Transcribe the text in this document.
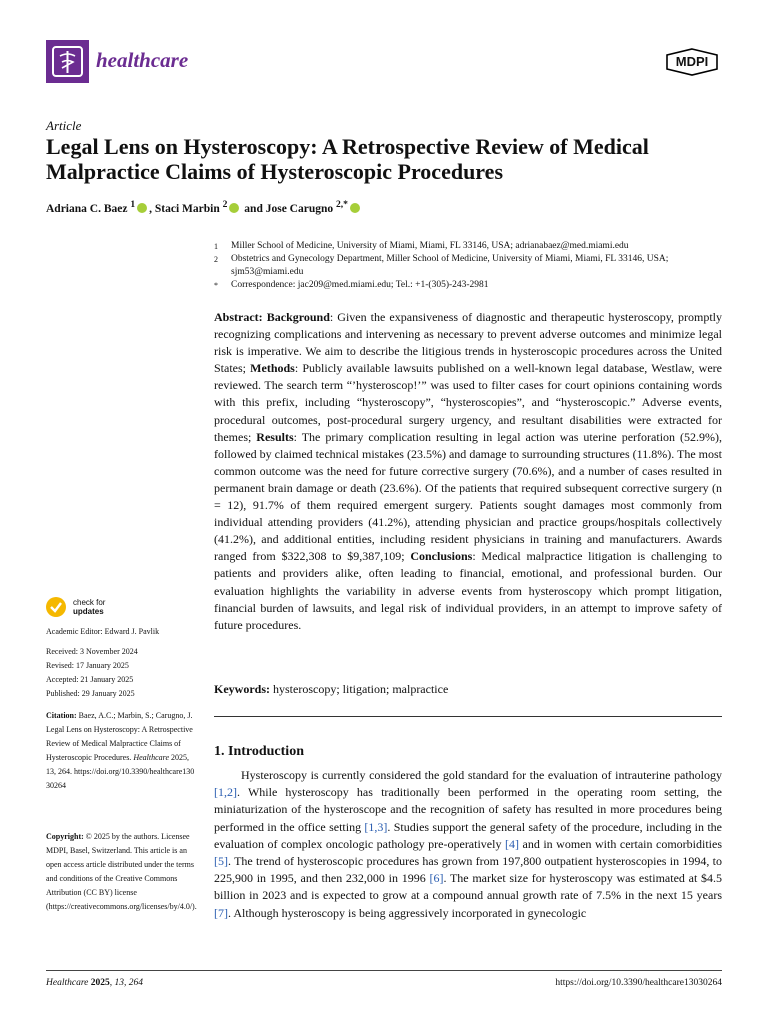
healthcare	MDPI
Article
Legal Lens on Hysteroscopy: A Retrospective Review of Medical Malpractice Claims of Hysteroscopic Procedures
Adriana C. Baez $^1$ , Staci Marbin $^2$ and Jose Carugno $^{2,*}$
1	Miller School of Medicine, University of Miami, Miami, FL 33146, USA; adrianabaez@med.miami.edu
2	Obstetrics and Gynecology Department, Miller School of Medicine, University of Miami, Miami, FL 33146, USA; sjm53@miami.edu
*	Correspondence: jac209@med.miami.edu; Tel.: +1-(305)-243-2981
Abstract: Background: Given the expansiveness of diagnostic and therapeutic hysteroscopy, promptly recognizing complications and intervening as necessary to prevent adverse outcomes and minimize legal risk is imperative. We aim to describe the litigious trends in hysteroscopic procedures across the United States; Methods: Publicly available lawsuits published on a well-known legal database, Westlaw, were reviewed. The search term “’hysteroscop!’” was used to filter cases for court opinions containing words with this prefix, including “hysteroscopy”, “hysteroscopies”, and “hysteroscopic.” Adverse events, procedural outcomes, post-procedural surgery urgency, and resultant disabilities were extracted for themes; Results: The primary complication resulting in legal action was uterine perforation (52.9%), followed by claimed technical mistakes (23.5%) and damage to surrounding structures (11.8%). The most common outcome was the need for future corrective surgery (70.6%), and a number of cases resulted in permanent brain damage or death (23.6%). Of the patients that required subsequent corrective surgery (n = 12), 91.7% of them required emergent surgery. Patients sought damages most commonly from individual attending providers (41.2%), attending physician and practice groups/hospitals collectively (41.2%), and additional entities, including resident physicians in training and manufacturers. Awards ranged from $322,308 to $9,387,109; Conclusions: Medical malpractice litigation is challenging to patients and providers alike, often leading to financial, emotional, and professional burden. Our evaluation highlights the variability in adverse events from hysteroscopy which prompt litigation, financial burden of lawsuits, and legal risk of individual providers, in an attempt to improve safety of future procedures.
Keywords: hysteroscopy; litigation; malpractice
check for
updates
Academic Editor: Edward J. Pavlik
Received: 3 November 2024
Revised: 17 January 2025
Accepted: 21 January 2025
Published: 29 January 2025
Citation: Baez, A.C.; Marbin, S.; Carugno, J. Legal Lens on Hysteroscopy: A Retrospective Review of Medical Malpractice Claims of Hysteroscopic Procedures. Healthcare 2025, 13, 264. https://doi.org/10.3390/healthcare13030264
Copyright: © 2025 by the authors. Licensee MDPI, Basel, Switzerland. This article is an open access article distributed under the terms and conditions of the Creative Commons Attribution (CC BY) license (https://creativecommons.org/licenses/by/4.0/).
1. Introduction
Hysteroscopy is currently considered the gold standard for the evaluation of intrauterine pathology [1,2]. While hysteroscopy has traditionally been performed in the operating room setting, the miniaturization of the hysteroscope and the recognition of safety has resulted in more procedures being performed in the office setting [1,3]. Studies support the general safety of the procedure, including in the evaluation of complex oncologic pathology pre-operatively [4] and in women with certain comorbidities [5]. The trend of hysteroscopic procedures has grown from 197,800 outpatient hysteroscopies in 1994, to 225,900 in 1995, and then 232,000 in 1996 [6]. The market size for hysteroscopy was estimated at $4.5 billion in 2023 and is expected to grow at a compound annual growth rate of 7.5% in the next 15 years [7]. Although hysteroscopy is being aggressively incorporated in gynecologic
Healthcare 2025, 13, 264	https://doi.org/10.3390/healthcare13030264
